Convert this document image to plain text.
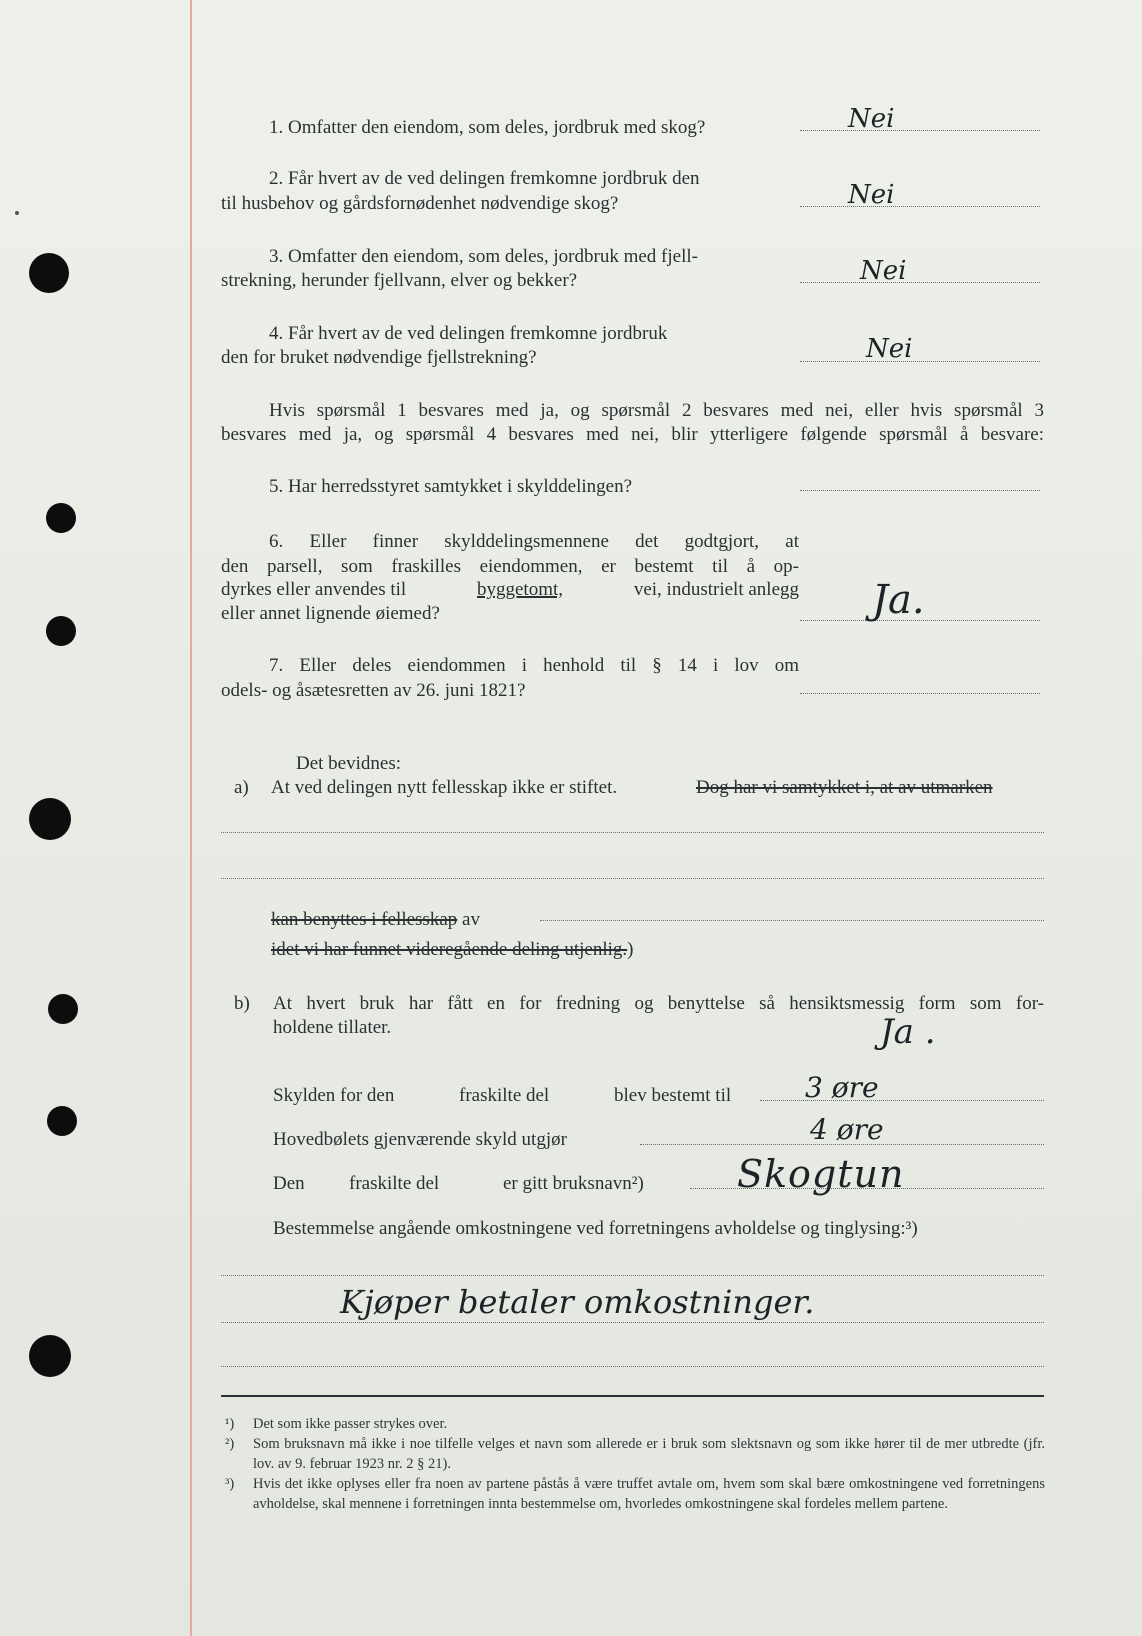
1. Omfatter den eiendom, som deles, jordbruk med skog?	Nei
2. Får hvert av de ved delingen fremkomne jordbruk den
til husbehov og gårdsfornødenhet nødvendige skog?	Nei
3. Omfatter den eiendom, som deles, jordbruk med fjell-
strekning, herunder fjellvann, elver og bekker?	Nei
4. Får hvert av de ved delingen fremkomne jordbruk
den for bruket nødvendige fjellstrekning?	Nei
Hvis spørsmål 1 besvares med ja, og spørsmål 2 besvares med nei, eller hvis spørsmål 3
besvares med ja, og spørsmål 4 besvares med nei, blir ytterligere følgende spørsmål å besvare:
5. Har herredsstyret samtykket i skylddelingen?
6. Eller finner skylddelingsmennene det godtgjort, at
den parsell, som fraskilles eiendommen, er bestemt til å op-
dyrkes eller anvendes til	byggetomt,	vei, industrielt anlegg
eller annet lignende øiemed?	Ja.
7. Eller deles eiendommen i henhold til § 14 i lov om
odels- og åsætesretten av 26. juni 1821?
Det bevidnes:
a) At ved delingen nytt fellesskap ikke er stiftet.	Dog har vi samtykket i, at av utmarken
kan benyttes i fellesskap av
idet vi har funnet videregående deling utjenlig.)
b) At hvert bruk har fått en for fredning og benyttelse så hensiktsmessig form som for-
holdene tillater.	Ja .
Skylden for den	fraskilte del	blev bestemt til	3 øre
Hovedbølets gjenværende skyld utgjør	4 øre
Den fraskilte del	er gitt bruksnavn²) Skogtun
Bestemmelse angående omkostningene ved forretningens avholdelse og tinglysing:³)
Kjøper betaler omkostninger.
¹)	Det som ikke passer strykes over.
²)	Som bruksnavn må ikke i noe tilfelle velges et navn som allerede er i bruk som slektsnavn og som ikke hører til de mer utbredte (jfr. lov. av 9. februar 1923 nr. 2 § 21).
³)	Hvis det ikke oplyses eller fra noen av partene påstås å være truffet avtale om, hvem som skal bære omkostningene ved forretningens avholdelse, skal mennene i forretningen innta bestemmelse om, hvorledes omkostningene skal fordeles mellem partene.
